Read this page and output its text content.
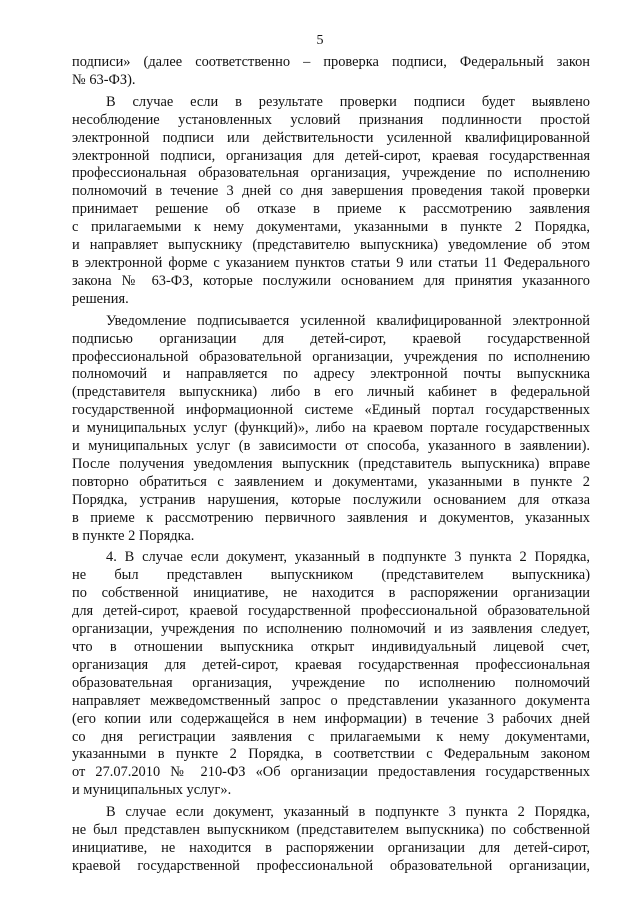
5

подписи» (далее соответственно – проверка подписи, Федеральный закон
№ 63-ФЗ).

В случае если в результате проверки подписи будет выявлено
несоблюдение установленных условий признания подлинности простой
электронной подписи или действительности усиленной квалифицированной
электронной подписи, организация для детей-сирот, краевая государственная
профессиональная образовательная организация, учреждение по исполнению
полномочий в течение 3 дней со дня завершения проведения такой проверки
принимает решение об отказе в приеме к рассмотрению заявления
с прилагаемыми к нему документами, указанными в пункте 2 Порядка,
и направляет выпускнику (представителю выпускника) уведомление об этом
в электронной форме с указанием пунктов статьи 9 или статьи 11 Федерального
закона № 63-ФЗ, которые послужили основанием для принятия указанного
решения.

Уведомление подписывается усиленной квалифицированной электронной
подписью организации для детей-сирот, краевой государственной
профессиональной образовательной организации, учреждения по исполнению
полномочий и направляется по адресу электронной почты выпускника
(представителя выпускника) либо в его личный кабинет в федеральной
государственной информационной системе «Единый портал государственных
и муниципальных услуг (функций)», либо на краевом портале государственных
и муниципальных услуг (в зависимости от способа, указанного в заявлении).
После получения уведомления выпускник (представитель выпускника) вправе
повторно обратиться с заявлением и документами, указанными в пункте 2
Порядка, устранив нарушения, которые послужили основанием для отказа
в приеме к рассмотрению первичного заявления и документов, указанных
в пункте 2 Порядка.

4. В случае если документ, указанный в подпункте 3 пункта 2 Порядка,
не был представлен выпускником (представителем выпускника)
по собственной инициативе, не находится в распоряжении организации
для детей-сирот, краевой государственной профессиональной образовательной
организации, учреждения по исполнению полномочий и из заявления следует,
что в отношении выпускника открыт индивидуальный лицевой счет,
организация для детей-сирот, краевая государственная профессиональная
образовательная организация, учреждение по исполнению полномочий
направляет межведомственный запрос о представлении указанного документа
(его копии или содержащейся в нем информации) в течение 3 рабочих дней
со дня регистрации заявления с прилагаемыми к нему документами,
указанными в пункте 2 Порядка, в соответствии с Федеральным законом
от 27.07.2010 № 210-ФЗ «Об организации предоставления государственных
и муниципальных услуг».

В случае если документ, указанный в подпункте 3 пункта 2 Порядка,
не был представлен выпускником (представителем выпускника) по собственной
инициативе, не находится в распоряжении организации для детей-сирот,
краевой государственной профессиональной образовательной организации,
